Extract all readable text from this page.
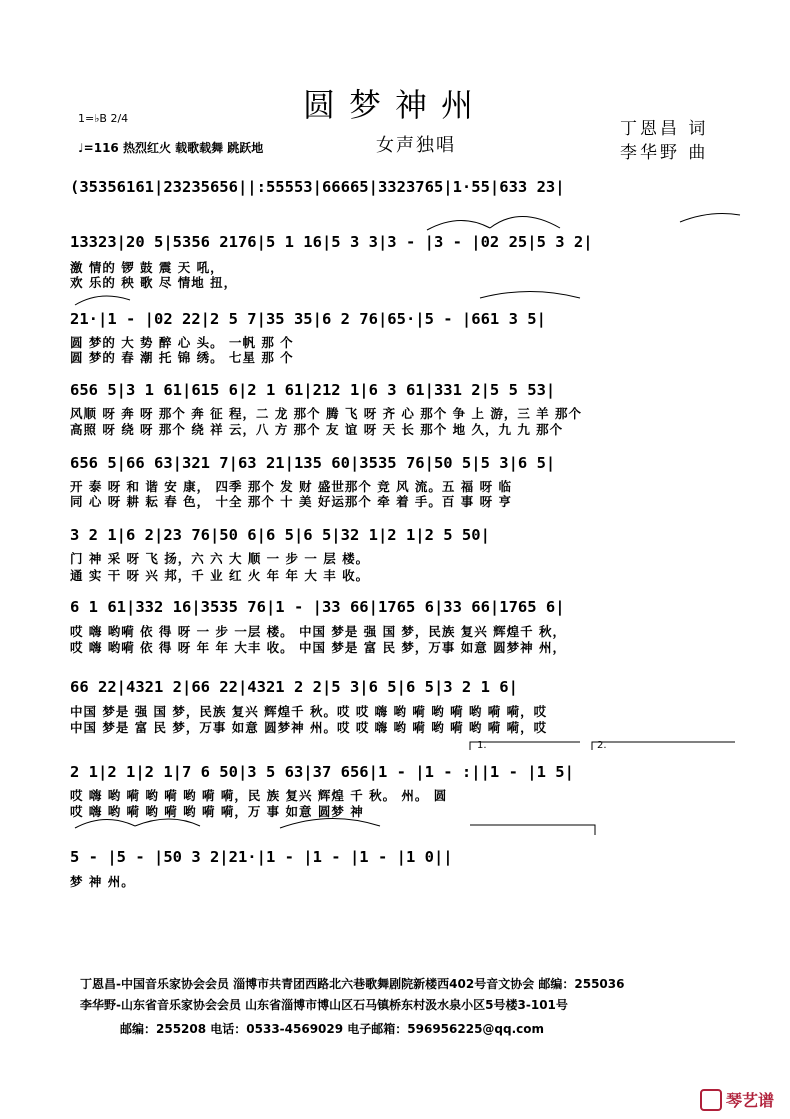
圆梦神州
女声独唱
丁恩昌 词
李华野 曲
1=♭B 2/4
♩=116 热烈红火 载歌载舞 跳跃地
(35356161|23235656||:55553|66665|3323765|1·55|633 23|
13323|20 5|5356 2176|5 1 16|5 3 3|3 - |3 - |02 25|5 3 2|
激 情的 锣 鼓 震 天 吼，
欢 乐的 秧 歌 尽 情地 扭，
21·|1 - |02 22|2 5 7|35 35|6 2 76|65·|5 - |661 3 5|
圆 梦的 大 势 醉 心 头。 一帆 那 个
圆 梦的 春 潮 托 锦 绣。 七星 那 个
656 5|3 1 61|615 6|2 1 61|212 1|6 3 61|331 2|5 5 53|
风顺 呀 奔 呀 那个 奔 征 程，二 龙 那个 腾 飞 呀 齐 心 那个 争 上 游，三 羊 那个
高照 呀 绕 呀 那个 绕 祥 云，八 方 那个 友 谊 呀 天 长 那个 地 久，九 九 那个
656 5|66 63|321 7|63 21|135 60|3535 76|50 5|5 3|6 5|
开 泰 呀 和 谐 安 康， 四季 那个 发 财 盛世那个 竞 风 流。五 福 呀 临
同 心 呀 耕 耘 春 色， 十全 那个 十 美 好运那个 牵 着 手。百 事 呀 亨
3 2 1|6 2|23 76|50 6|6 5|6 5|32 1|2 1|2 5 50|
门 神 采 呀 飞 扬，六 六 大 顺 一 步 一 层 楼。
通 实 干 呀 兴 邦，千 业 红 火 年 年 大 丰 收。
6 1 61|332 16|3535 76|1 - |33 66|1765 6|33 66|1765 6|
哎 嗨 哟嗬 依 得 呀 一 步 一层 楼。 中国 梦是 强 国 梦，民族 复兴 辉煌千 秋，
哎 嗨 哟嗬 依 得 呀 年 年 大丰 收。 中国 梦是 富 民 梦，万事 如意 圆梦神 州，
66 22|4321 2|66 22|4321 2 2|5 3|6 5|6 5|3 2 1 6|
中国 梦是 强 国 梦，民族 复兴 辉煌千 秋。哎 哎 嗨 哟 嗬 哟 嗬 哟 嗬 嗬，哎
中国 梦是 富 民 梦，万事 如意 圆梦神 州。哎 哎 嗨 哟 嗬 哟 嗬 哟 嗬 嗬，哎
1.	2.
2 1|2 1|2 1|7 6 50|3 5 63|37 656|1 - |1 - :||1 - |1 5|
哎 嗨 哟 嗬 哟 嗬 哟 嗬 嗬，民 族 复兴 辉煌 千 秋。 州。 圆
哎 嗨 哟 嗬 哟 嗬 哟 嗬 嗬，万 事 如意 圆梦 神
5 - |5 - |50 3 2|21·|1 - |1 - |1 - |1 0||
梦 神 州。
丁恩昌-中国音乐家协会会员 淄博市共青团西路北六巷歌舞剧院新楼西402号音文协会 邮编：255036
李华野-山东省音乐家协会会员 山东省淄博市博山区石马镇桥东村汲水泉小区5号楼3-101号
邮编：255208 电话：0533-4569029 电子邮箱：596956225@qq.com
琴艺谱
